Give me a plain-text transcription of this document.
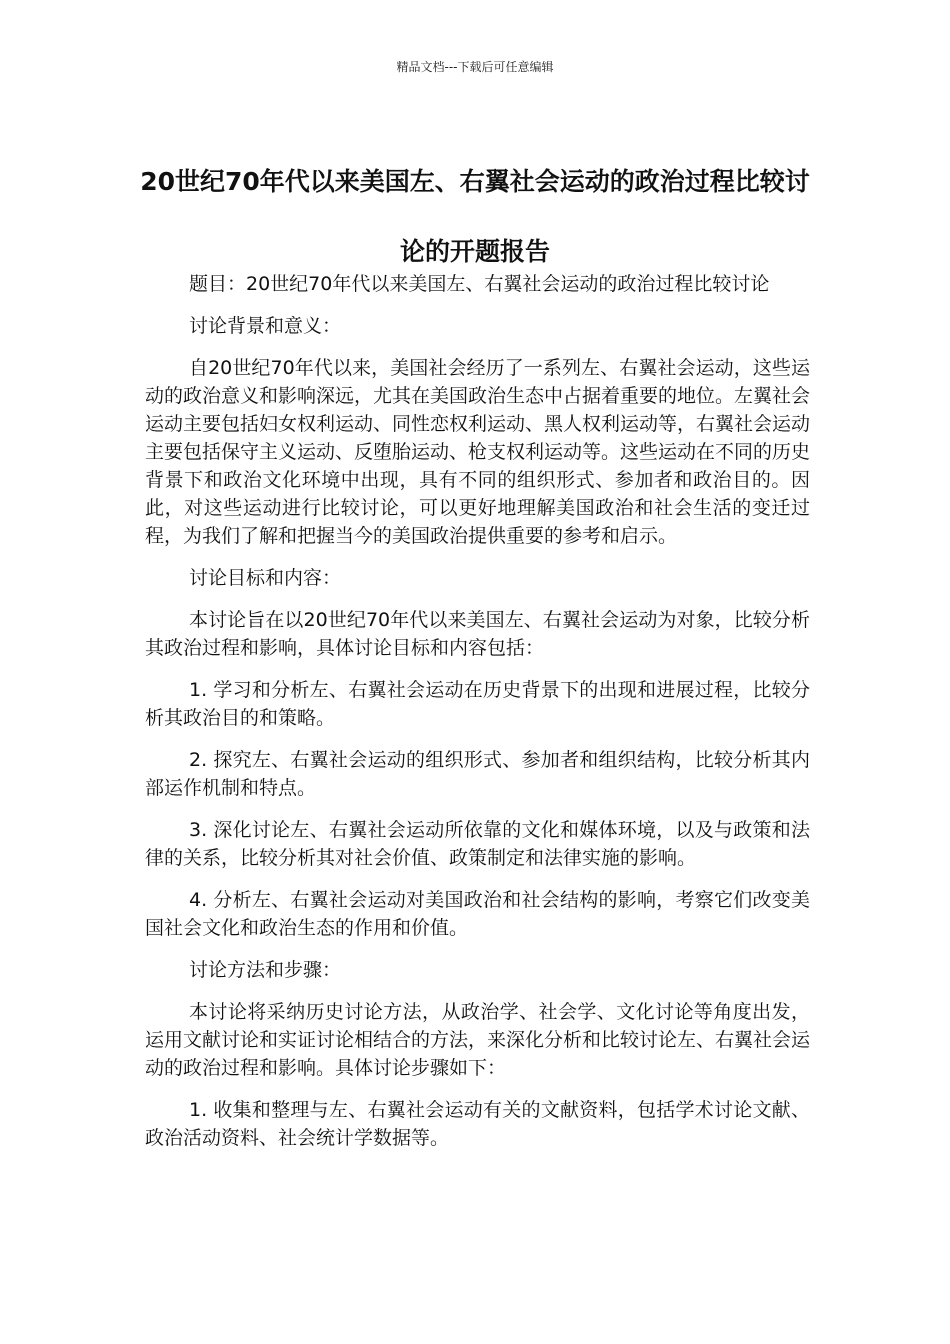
精品文档---下载后可任意编辑
20世纪70年代以来美国左、右翼社会运动的政治过程比较讨论的开题报告

题目：20世纪70年代以来美国左、右翼社会运动的政治过程比较讨论

讨论背景和意义：

自20世纪70年代以来，美国社会经历了一系列左、右翼社会运动，这些运动的政治意义和影响深远，尤其在美国政治生态中占据着重要的地位。左翼社会运动主要包括妇女权利运动、同性恋权利运动、黑人权利运动等，右翼社会运动主要包括保守主义运动、反堕胎运动、枪支权利运动等。这些运动在不同的历史背景下和政治文化环境中出现，具有不同的组织形式、参加者和政治目的。因此，对这些运动进行比较讨论，可以更好地理解美国政治和社会生活的变迁过程，为我们了解和把握当今的美国政治提供重要的参考和启示。

讨论目标和内容：

本讨论旨在以20世纪70年代以来美国左、右翼社会运动为对象，比较分析其政治过程和影响，具体讨论目标和内容包括：

1. 学习和分析左、右翼社会运动在历史背景下的出现和进展过程，比较分析其政治目的和策略。

2. 探究左、右翼社会运动的组织形式、参加者和组织结构，比较分析其内部运作机制和特点。

3. 深化讨论左、右翼社会运动所依靠的文化和媒体环境，以及与政策和法律的关系，比较分析其对社会价值、政策制定和法律实施的影响。

4. 分析左、右翼社会运动对美国政治和社会结构的影响，考察它们改变美国社会文化和政治生态的作用和价值。

讨论方法和步骤：

本讨论将采纳历史讨论方法，从政治学、社会学、文化讨论等角度出发，运用文献讨论和实证讨论相结合的方法，来深化分析和比较讨论左、右翼社会运动的政治过程和影响。具体讨论步骤如下：

1. 收集和整理与左、右翼社会运动有关的文献资料，包括学术讨论文献、政治活动资料、社会统计学数据等。
